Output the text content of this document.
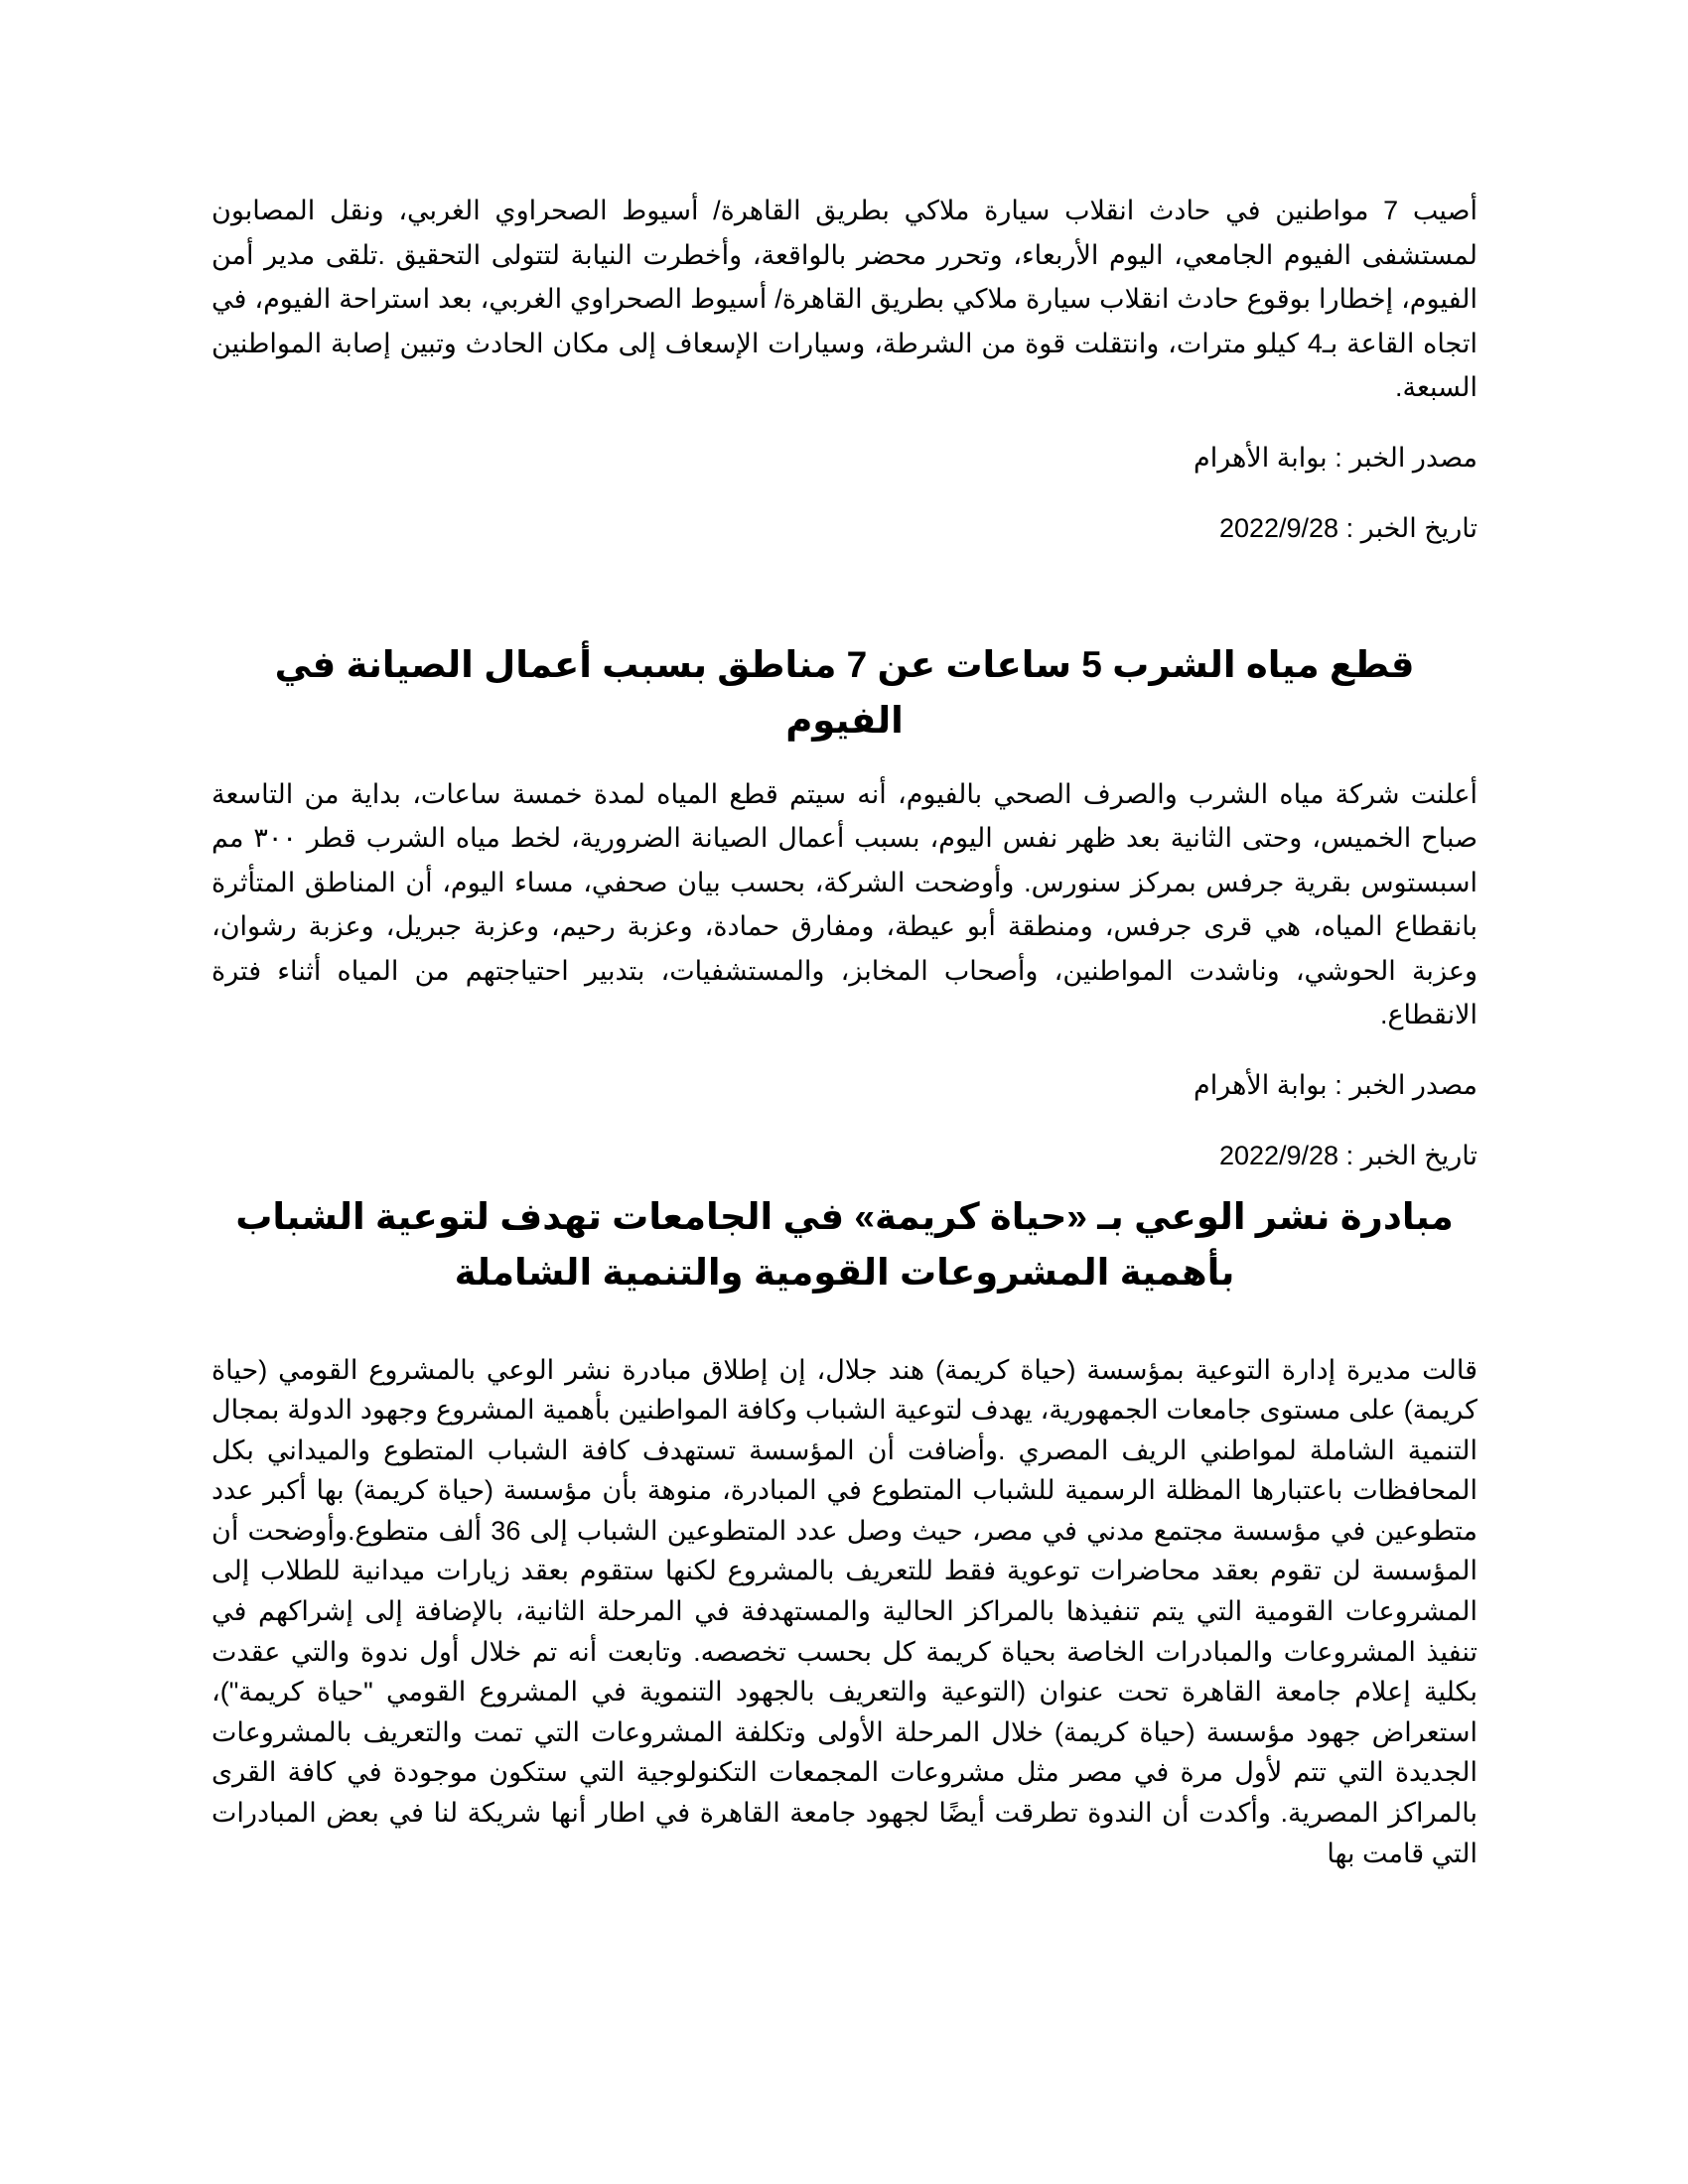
أصيب 7 مواطنين في حادث انقلاب سيارة ملاكي بطريق القاهرة/ أسيوط الصحراوي الغربي، ونقل المصابون لمستشفى الفيوم الجامعي، اليوم الأربعاء، وتحرر محضر بالواقعة، وأخطرت النيابة لتتولى التحقيق .تلقى مدير أمن الفيوم، إخطارا بوقوع حادث انقلاب سيارة ملاكي بطريق القاهرة/ أسيوط الصحراوي الغربي، بعد استراحة الفيوم، في اتجاه القاعة بـ4 كيلو مترات، وانتقلت قوة من الشرطة، وسيارات الإسعاف إلى مكان الحادث وتبين إصابة المواطنين السبعة.

مصدر الخبر : بوابة الأهرام

تاريخ الخبر : 2022/9/28

قطع مياه الشرب 5 ساعات عن 7 مناطق بسبب أعمال الصيانة في الفيوم

أعلنت شركة مياه الشرب والصرف الصحي بالفيوم، أنه سيتم قطع المياه لمدة خمسة ساعات، بداية من التاسعة صباح الخميس، وحتى الثانية بعد ظهر نفس اليوم، بسبب أعمال الصيانة الضرورية، لخط مياه الشرب قطر ٣٠٠ مم اسبستوس بقرية جرفس بمركز سنورس. وأوضحت الشركة، بحسب بيان صحفي، مساء اليوم، أن المناطق المتأثرة بانقطاع المياه، هي قرى جرفس، ومنطقة أبو عيطة، ومفارق حمادة، وعزبة رحيم، وعزبة جبريل، وعزبة رشوان، وعزبة الحوشي، وناشدت المواطنين، وأصحاب المخابز، والمستشفيات، بتدبير احتياجتهم من المياه أثناء فترة الانقطاع.

مصدر الخبر : بوابة الأهرام

تاريخ الخبر : 2022/9/28

مبادرة نشر الوعي بـ «حياة كريمة» في الجامعات تهدف لتوعية الشباب بأهمية المشروعات القومية والتنمية الشاملة

قالت مديرة إدارة التوعية بمؤسسة (حياة كريمة) هند جلال، إن إطلاق مبادرة نشر الوعي بالمشروع القومي (حياة كريمة) على مستوى جامعات الجمهورية، يهدف لتوعية الشباب وكافة المواطنين بأهمية المشروع وجهود الدولة بمجال التنمية الشاملة لمواطني الريف المصري .وأضافت أن المؤسسة تستهدف كافة الشباب المتطوع والميداني بكل المحافظات باعتبارها المظلة الرسمية للشباب المتطوع في المبادرة، منوهة بأن مؤسسة (حياة كريمة) بها أكبر عدد متطوعين في مؤسسة مجتمع مدني في مصر، حيث وصل عدد المتطوعين الشباب إلى 36 ألف متطوع.وأوضحت أن المؤسسة لن تقوم بعقد محاضرات توعوية فقط للتعريف بالمشروع لكنها ستقوم بعقد زيارات ميدانية للطلاب إلى المشروعات القومية التي يتم تنفيذها بالمراكز الحالية والمستهدفة في المرحلة الثانية، بالإضافة إلى إشراكهم في تنفيذ المشروعات والمبادرات الخاصة بحياة كريمة كل بحسب تخصصه. وتابعت أنه تم خلال أول ندوة والتي عقدت بكلية إعلام جامعة القاهرة تحت عنوان (التوعية والتعريف بالجهود التنموية في المشروع القومي "حياة كريمة")، استعراض جهود مؤسسة (حياة كريمة) خلال المرحلة الأولى وتكلفة المشروعات التي تمت والتعريف بالمشروعات الجديدة التي تتم لأول مرة في مصر مثل مشروعات المجمعات التكنولوجية التي ستكون موجودة في كافة القرى بالمراكز المصرية. وأكدت أن الندوة تطرقت أيضًا لجهود جامعة القاهرة في اطار أنها شريكة لنا في بعض المبادرات التي قامت بها
